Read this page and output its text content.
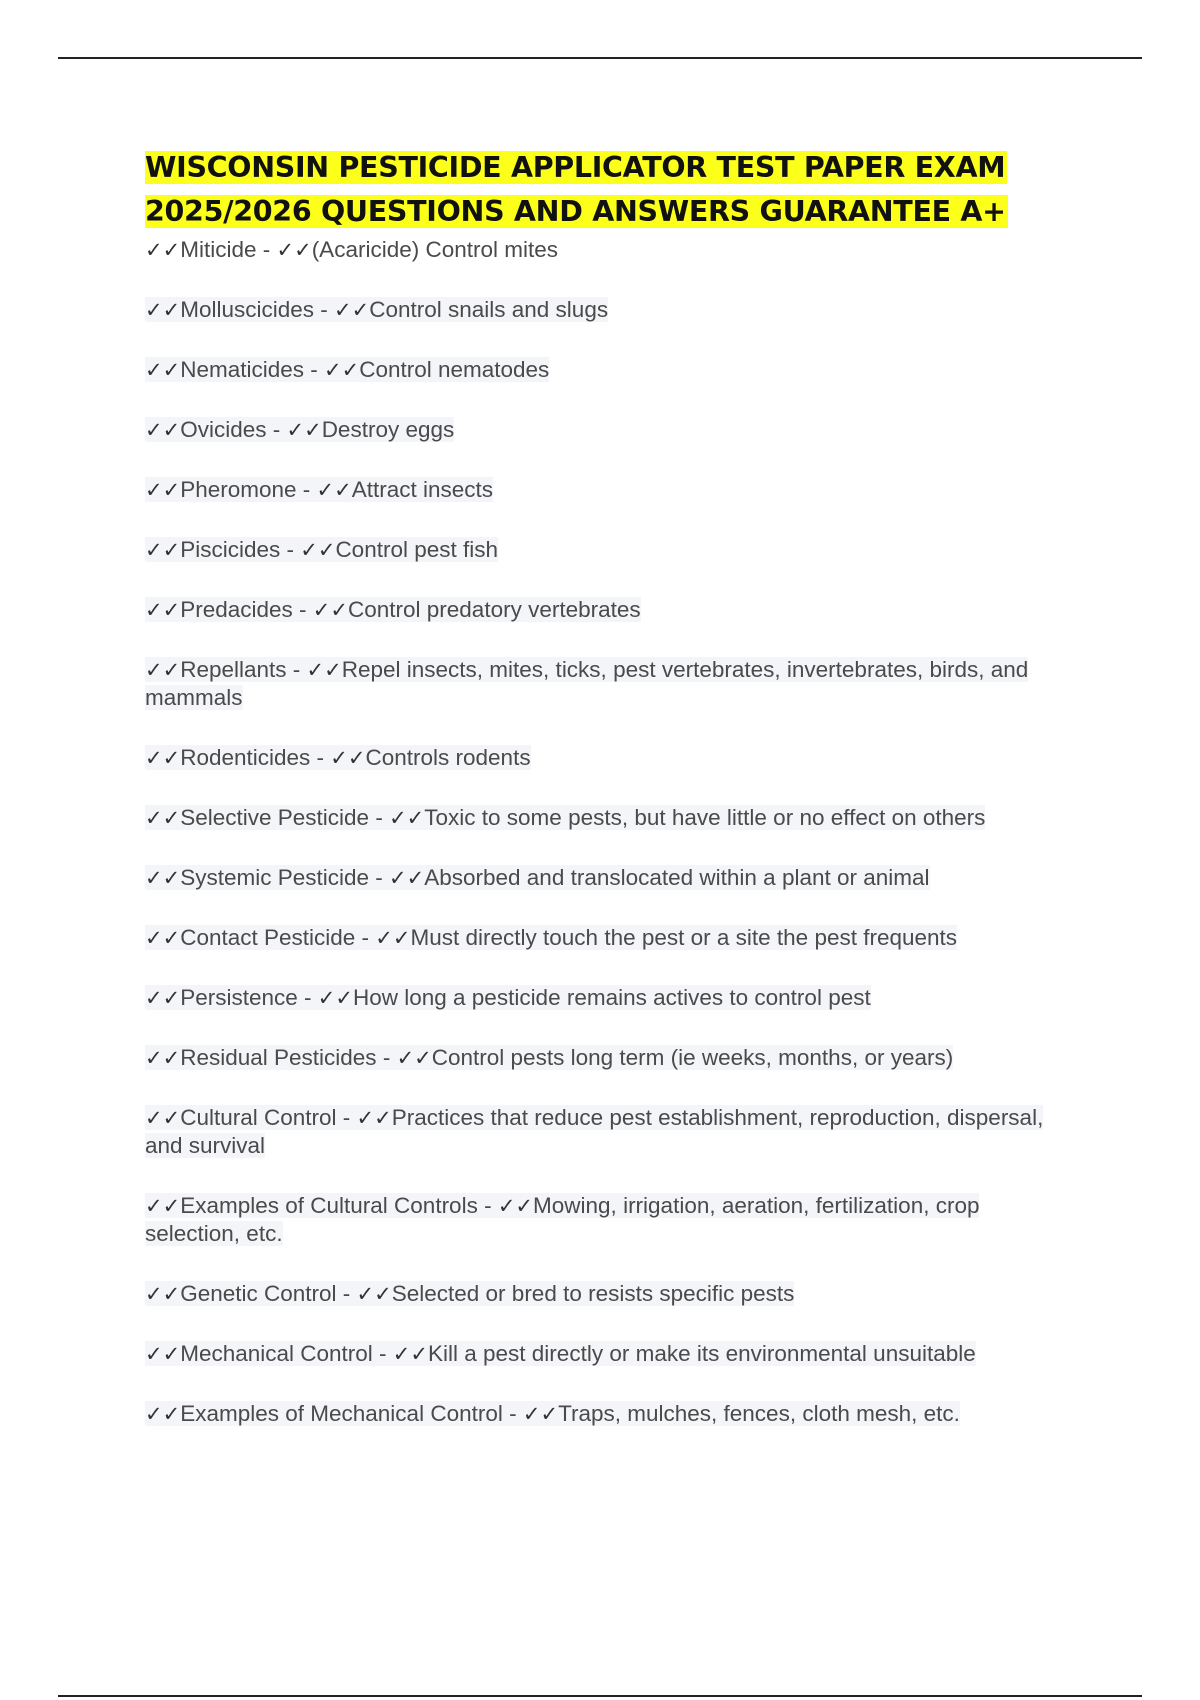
WISCONSIN PESTICIDE APPLICATOR TEST PAPER EXAM
2025/2026 QUESTIONS AND ANSWERS GUARANTEE A+
✓✓Miticide - ✓✓(Acaricide) Control mites
✓✓Molluscicides - ✓✓Control snails and slugs
✓✓Nematicides - ✓✓Control nematodes
✓✓Ovicides - ✓✓Destroy eggs
✓✓Pheromone - ✓✓Attract insects
✓✓Piscicides - ✓✓Control pest fish
✓✓Predacides - ✓✓Control predatory vertebrates
✓✓Repellants - ✓✓Repel insects, mites, ticks, pest vertebrates, invertebrates, birds, and mammals
✓✓Rodenticides - ✓✓Controls rodents
✓✓Selective Pesticide - ✓✓Toxic to some pests, but have little or no effect on others
✓✓Systemic Pesticide - ✓✓Absorbed and translocated within a plant or animal
✓✓Contact Pesticide - ✓✓Must directly touch the pest or a site the pest frequents
✓✓Persistence - ✓✓How long a pesticide remains actives to control pest
✓✓Residual Pesticides - ✓✓Control pests long term (ie weeks, months, or years)
✓✓Cultural Control - ✓✓Practices that reduce pest establishment, reproduction, dispersal, and survival
✓✓Examples of Cultural Controls - ✓✓Mowing, irrigation, aeration, fertilization, crop selection, etc.
✓✓Genetic Control - ✓✓Selected or bred to resists specific pests
✓✓Mechanical Control - ✓✓Kill a pest directly or make its environmental unsuitable
✓✓Examples of Mechanical Control - ✓✓Traps, mulches, fences, cloth mesh, etc.
